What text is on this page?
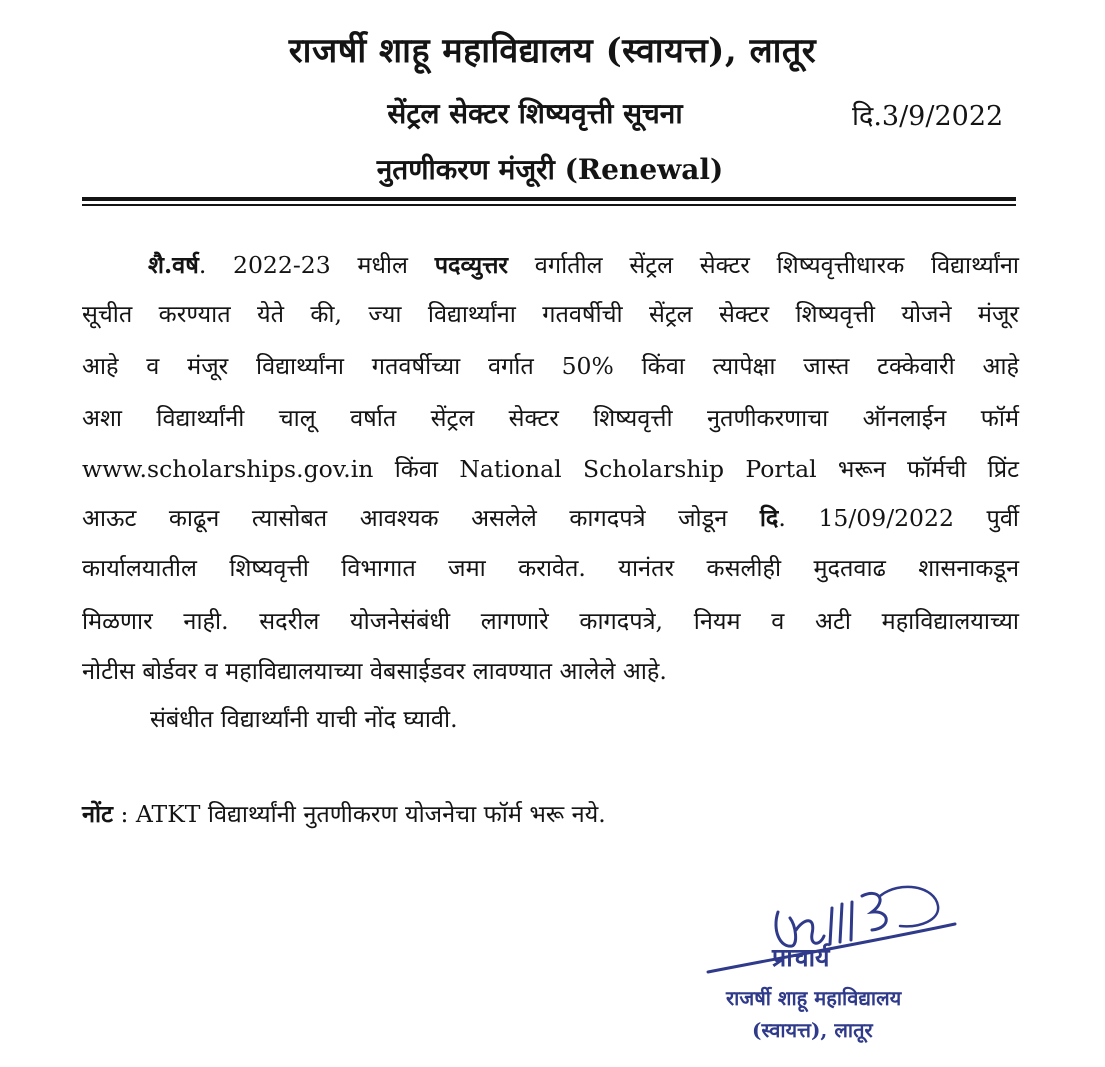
राजर्षी शाहू महाविद्यालय (स्वायत्त), लातूर
सेंट्रल सेक्टर शिष्यवृत्ती सूचना	दि.3/9/2022
नुतणीकरण मंजूरी (Renewal)
शै.वर्ष. 2022-23 मधील पदव्युत्तर वर्गातील सेंट्रल सेक्टर शिष्यवृत्तीधारक विद्यार्थ्यांना
सूचीत करण्यात येते की, ज्या विद्यार्थ्यांना गतवर्षीची सेंट्रल सेक्टर शिष्यवृत्ती योजने मंजूर
आहे व मंजूर विद्यार्थ्यांना गतवर्षीच्या वर्गात 50% किंवा त्यापेक्षा जास्त टक्केवारी आहे
अशा विद्यार्थ्यांनी चालू वर्षात सेंट्रल सेक्टर शिष्यवृत्ती नुतणीकरणाचा ऑनलाईन फॉर्म
www.scholarships.gov.in किंवा National Scholarship Portal भरून फॉर्मची प्रिंट
आऊट काढून त्यासोबत आवश्यक असलेले कागदपत्रे जोडून दि. 15/09/2022 पुर्वी
कार्यालयातील शिष्यवृत्ती विभागात जमा करावेत. यानंतर कसलीही मुदतवाढ शासनाकडून
मिळणार नाही. सदरील योजनेसंबंधी लागणारे कागदपत्रे, नियम व अटी महाविद्यालयाच्या
नोटीस बोर्डवर व महाविद्यालयाच्या वेबसाईडवर लावण्यात आलेले आहे.
संबंधीत विद्यार्थ्यांनी याची नोंद घ्यावी.
नोंट : ATKT विद्यार्थ्यांनी नुतणीकरण योजनेचा फॉर्म भरू नये.
प्राचार्य
राजर्षी शाहू महाविद्यालय
(स्वायत्त), लातूर
